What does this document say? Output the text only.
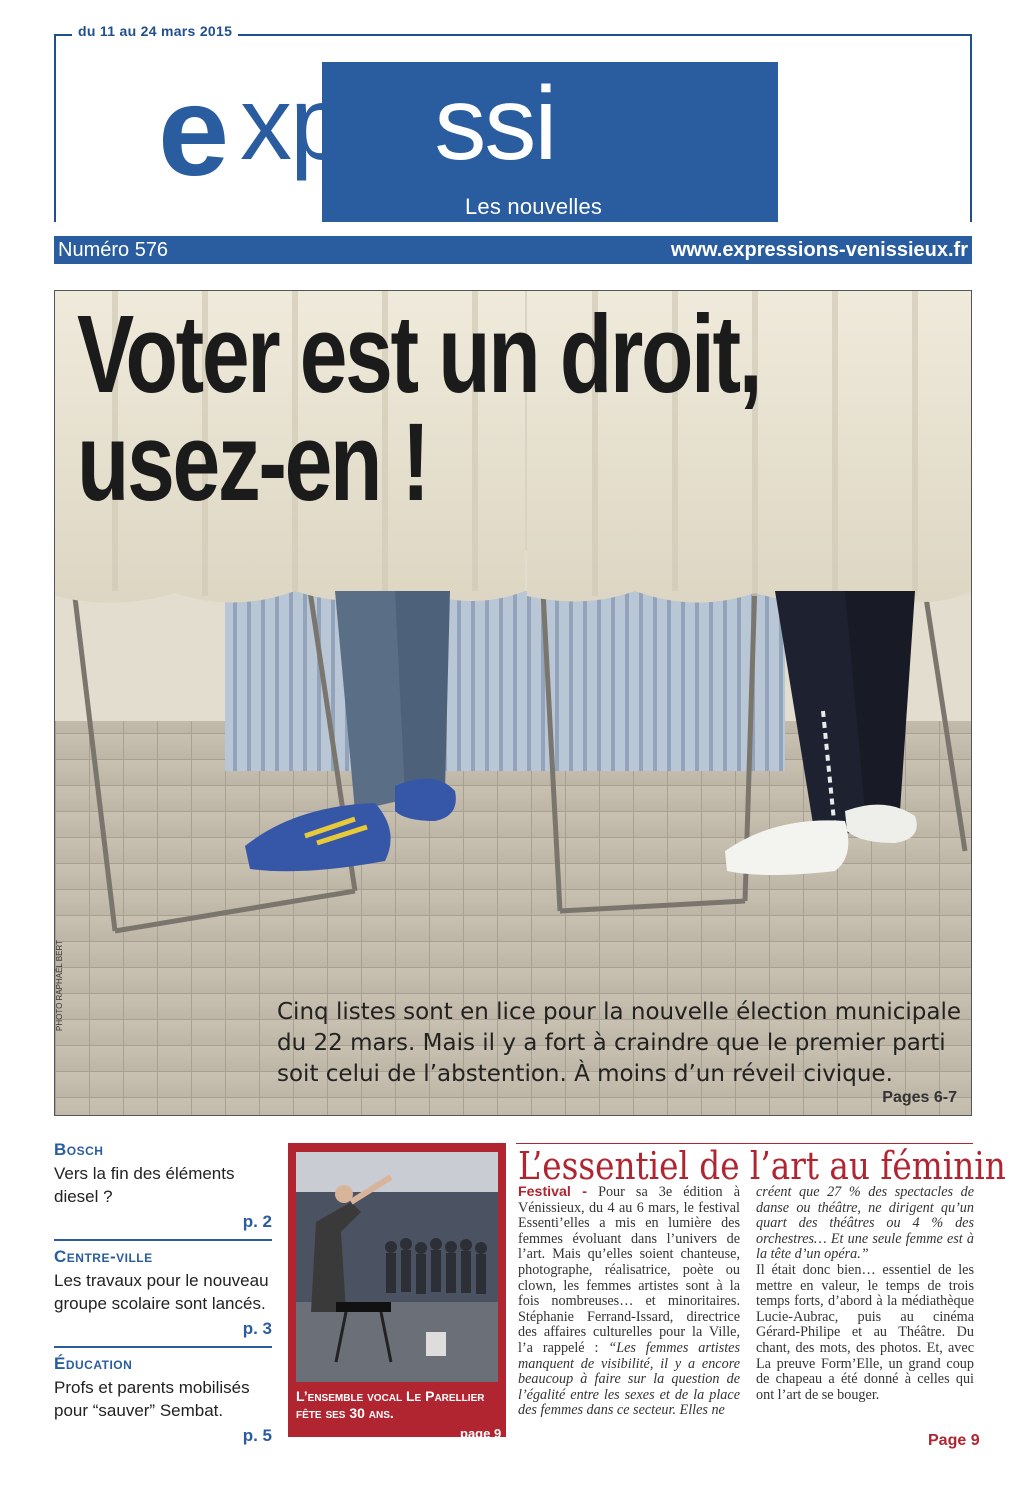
du 11 au 24 mars 2015
e xpressions
Les nouvelles de Vénissieux
Numéro 576	www.expressions-venissieux.fr
Voter est un droit,
usez-en !
PHOTO RAPHAËL BERT	Cinq listes sont en lice pour la nouvelle élection municipale du 22 mars. Mais il y a fort à craindre que le premier parti soit celui de l’abstention. À moins d’un réveil civique.
Pages 6-7
Bosch
Vers la fin des éléments diesel ?
p. 2
Centre-ville
Les travaux pour le nouveau groupe scolaire sont lancés.
p. 3
Éducation
Profs et parents mobilisés pour “sauver” Sembat.
p. 5
L’ensemble vocal Le Parellier
fête ses 30 ans.
page 9
L’essentiel de l’art au féminin
Festival - Pour sa 3e édition à Vénissieux, du 4 au 6 mars, le festival Essenti’elles a mis en lumière des femmes évoluant dans l’univers de l’art. Mais qu’elles soient chanteuse, photographe, réalisatrice, poète ou clown, les femmes artistes sont à la fois nombreuses… et minoritaires. Stéphanie Ferrand-Issard, directrice des affaires culturelles pour la Ville, l’a rappelé : “Les femmes artistes manquent de visibilité, il y a encore beaucoup à faire sur la question de l’égalité entre les sexes et de la place des femmes dans ce secteur. Elles ne
créent que 27 % des spectacles de danse ou théâtre, ne dirigent qu’un quart des théâtres ou 4 % des orchestres… Et une seule femme est à la tête d’un opéra.”
Il était donc bien… essentiel de les mettre en valeur, le temps de trois temps forts, d’abord à la médiathèque Lucie-Aubrac, puis au cinéma Gérard-Philipe et au Théâtre. Du chant, des mots, des photos. Et, avec La preuve Form’Elle, un grand coup de chapeau a été donné à celles qui ont l’art de se bouger.
Page 9
